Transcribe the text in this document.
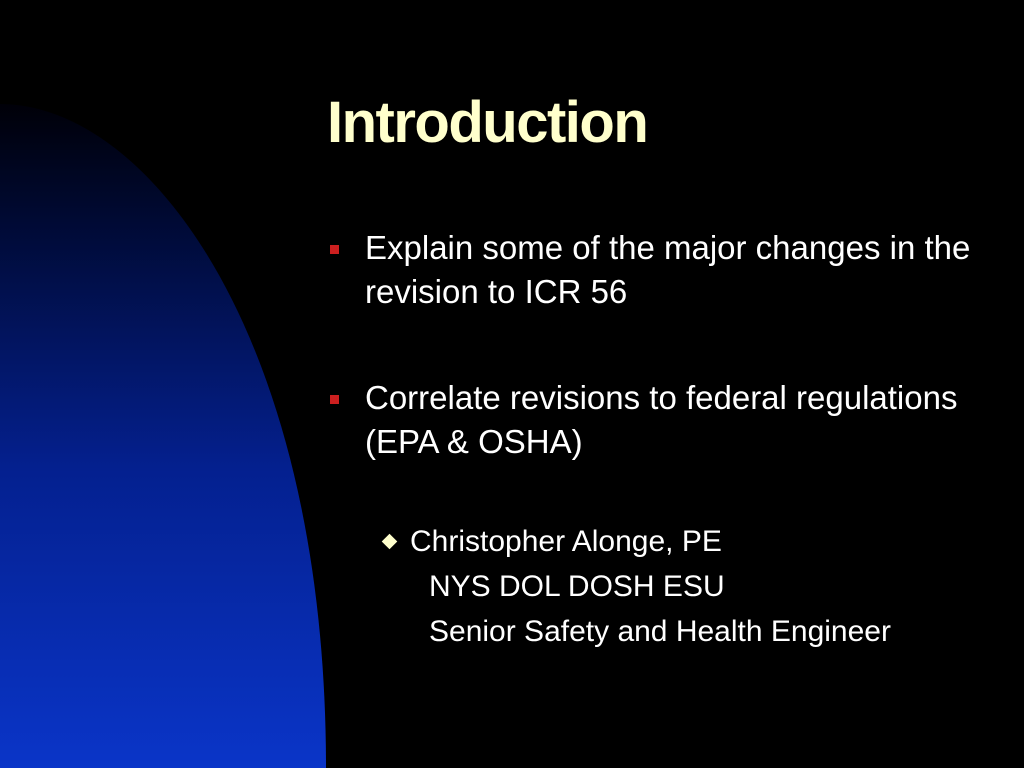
Introduction
Explain some of the major changes in the revision to ICR 56
Correlate revisions to federal regulations (EPA & OSHA)
Christopher Alonge, PE
NYS DOL DOSH ESU
Senior Safety and Health Engineer
